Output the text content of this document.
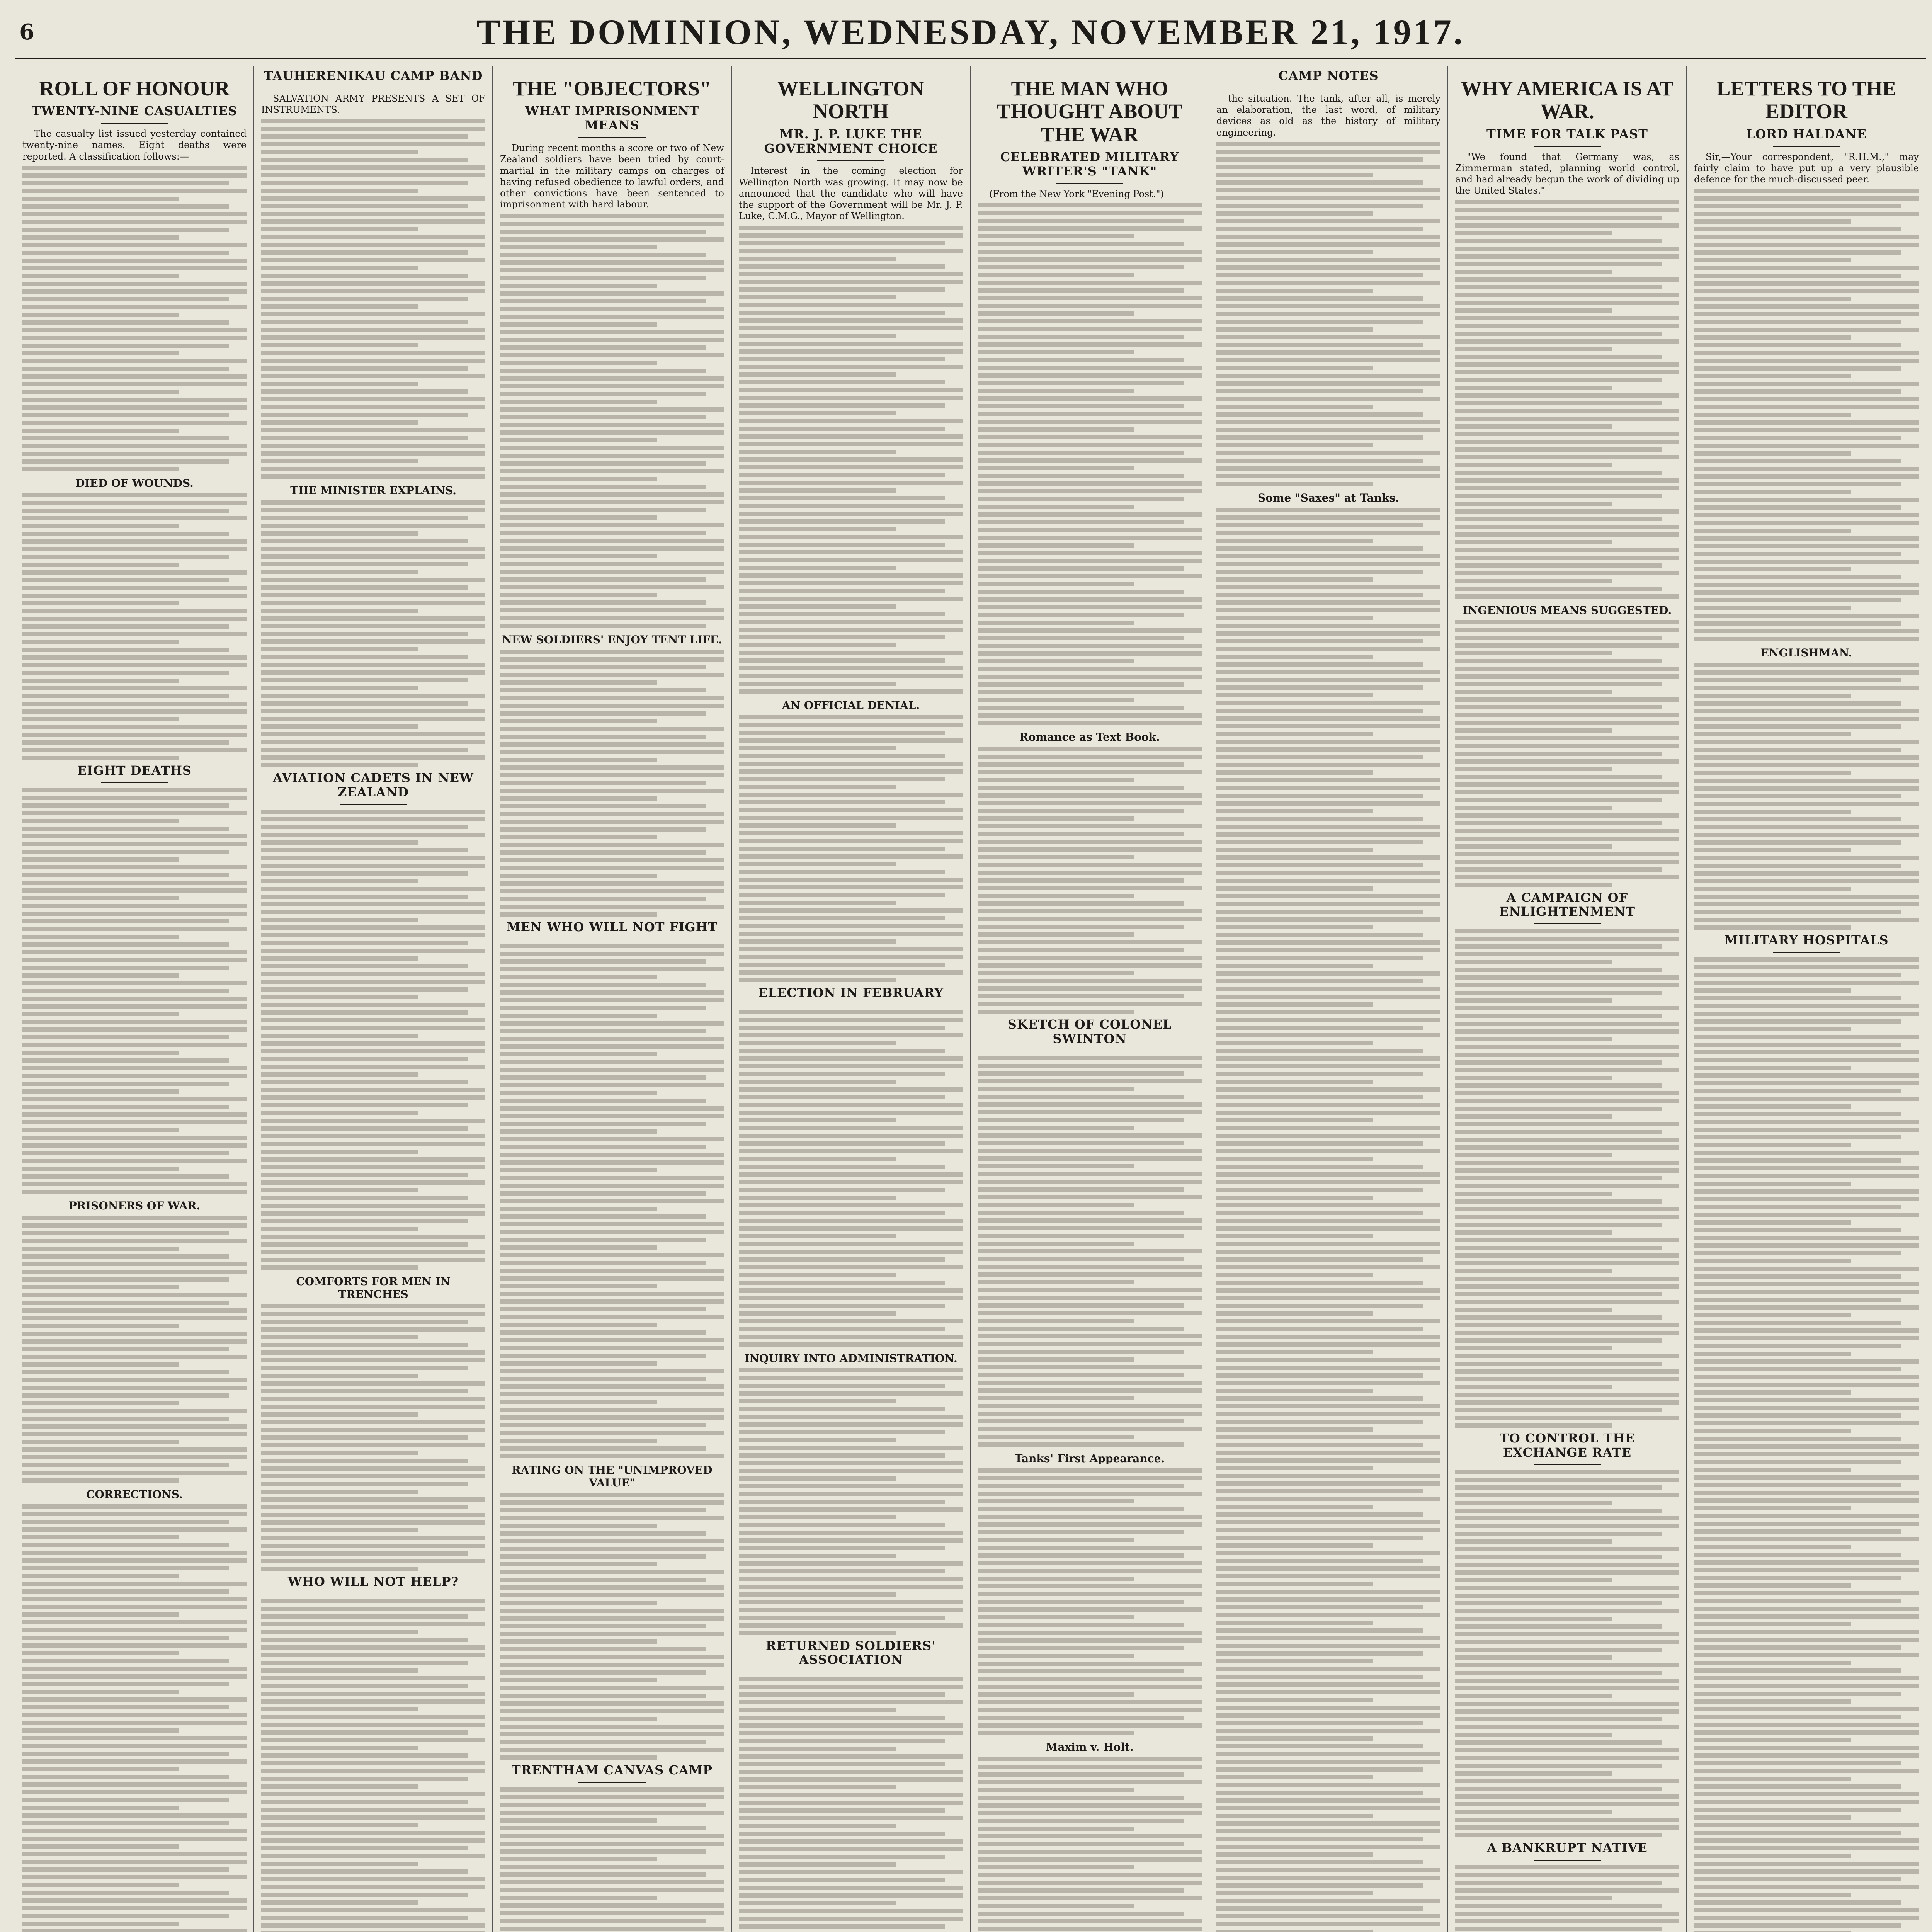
6	THE DOMINION, WEDNESDAY, NOVEMBER 21, 1917.
ROLL OF HONOUR
TWENTY-NINE CASUALTIES

The casualty list issued yesterday contained twenty-nine names. Eight deaths were reported. A classification follows:—

DIED OF WOUNDS.
EIGHT DEATHS
PRISONERS OF WAR.
CORRECTIONS.
TAUHERENIKAU CAMP BAND

SALVATION ARMY PRESENTS A SET OF INSTRUMENTS.

THE MINISTER EXPLAINS.
AVIATION CADETS IN NEW ZEALAND
COMFORTS FOR MEN IN TRENCHES
WHO WILL NOT HELP?
THE "OBJECTORS"
WHAT IMPRISONMENT MEANS

During recent months a score or two of New Zealand soldiers have been tried by court-martial in the military camps on charges of having refused obedience to lawful orders, and other convictions have been sentenced to imprisonment with hard labour.

NEW SOLDIERS' ENJOY TENT LIFE.
MEN WHO WILL NOT FIGHT
RATING ON THE "UNIMPROVED VALUE"
TRENTHAM CANVAS CAMP
WELLINGTON NORTH
MR. J. P. LUKE THE GOVERNMENT CHOICE

Interest in the coming election for Wellington North was growing. It may now be announced that the candidate who will have the support of the Government will be Mr. J. P. Luke, C.M.G., Mayor of Wellington.

AN OFFICIAL DENIAL.
ELECTION IN FEBRUARY
INQUIRY INTO ADMINISTRATION.
RETURNED SOLDIERS' ASSOCIATION
THE MAN WHO THOUGHT ABOUT THE WAR
CELEBRATED MILITARY WRITER'S "TANK"

(From the New York "Evening Post.")

Romance as Text Book.
SKETCH OF COLONEL SWINTON
Tanks' First Appearance.
Maxim v. Holt.
CAMP NOTES

the situation. The tank, after all, is merely an elaboration, the last word, of military devices as old as the history of military engineering.

Some "Saxes" at Tanks.
WHY AMERICA IS AT WAR.
TIME FOR TALK PAST

"We found that Germany was, as Zimmerman stated, planning world control, and had already begun the work of dividing up the United States."

INGENIOUS MEANS SUGGESTED.
A CAMPAIGN OF ENLIGHTENMENT
TO CONTROL THE EXCHANGE RATE
A BANKRUPT NATIVE
LETTERS TO THE EDITOR
LORD HALDANE

Sir,—Your correspondent, "R.H.M.," may fairly claim to have put up a very plausible defence for the much-discussed peer.

ENGLISHMAN.
MILITARY HOSPITALS
